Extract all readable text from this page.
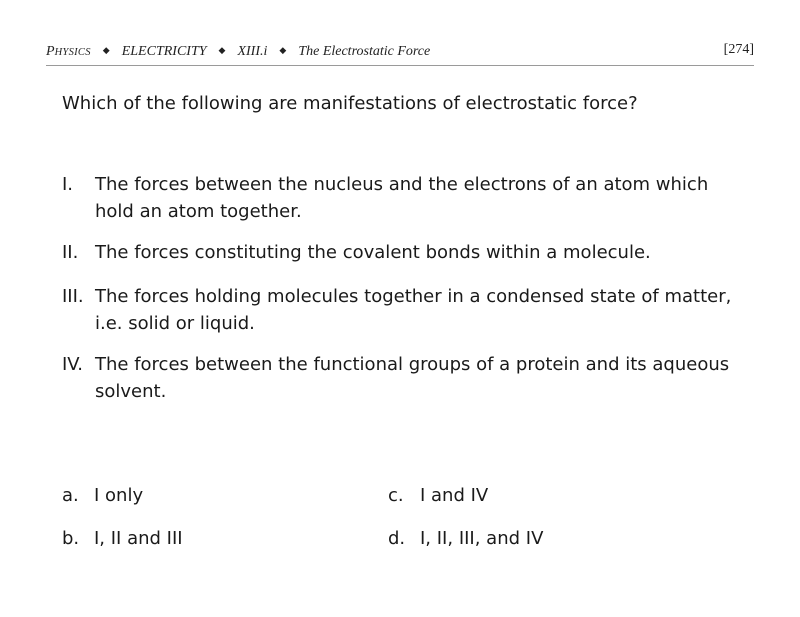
PHYSICS ◆ ELECTRICITY ◆ XIII.i ◆ The Electrostatic Force	[274]
Which of the following are manifestations of electrostatic force?
I.	The forces between the nucleus and the electrons of an atom which hold an atom together.
II. The forces constituting the covalent bonds within a molecule.
III. The forces holding molecules together in a condensed state of matter, i.e. solid or liquid.
IV. The forces between the functional groups of a protein and its aqueous solvent.
a. I only
b. I, II and III
c. I and IV
d. I, II, III, and IV
